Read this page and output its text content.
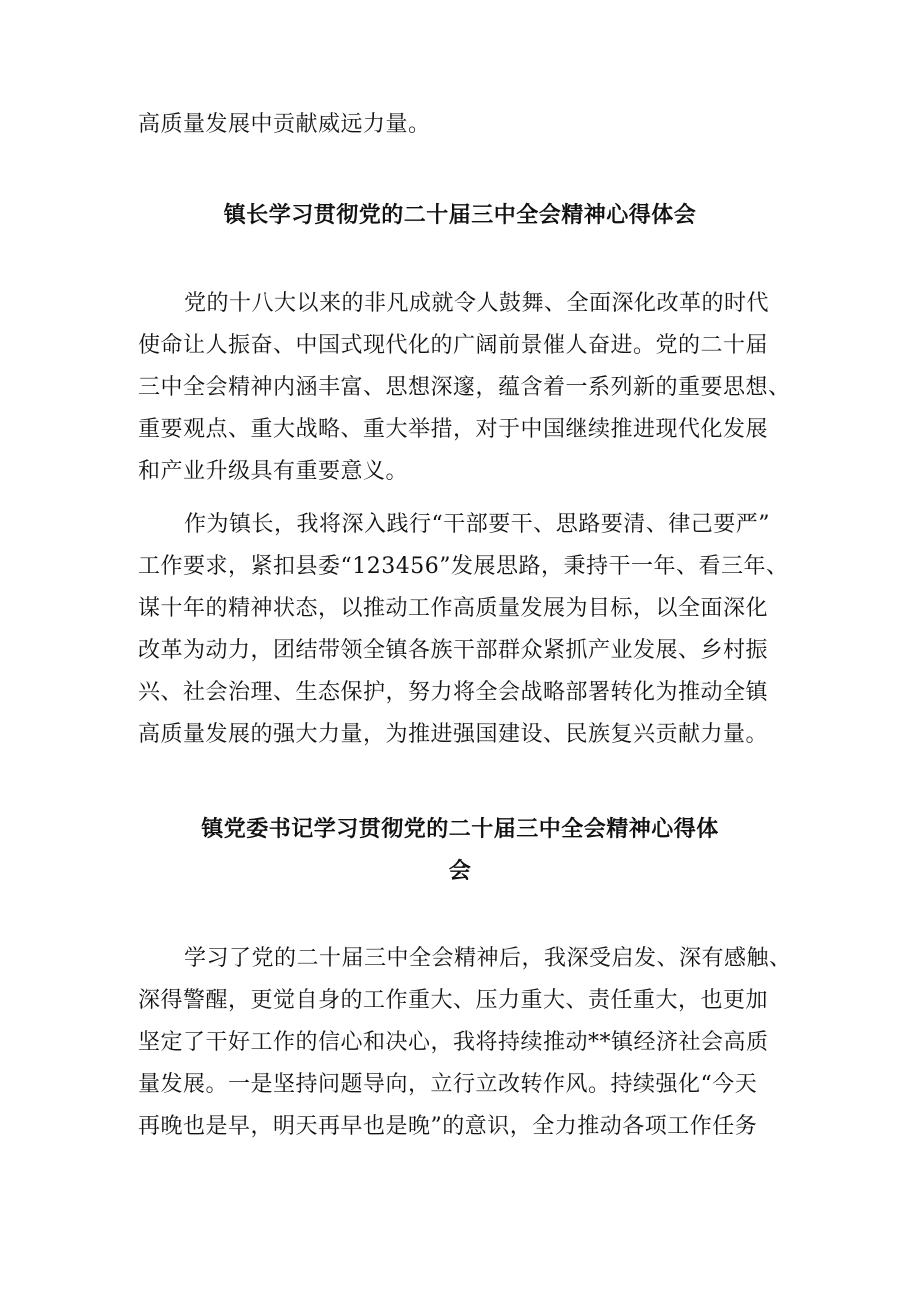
高质量发展中贡献威远力量。
镇长学习贯彻党的二十届三中全会精神心得体会
党的十八大以来的非凡成就令人鼓舞、全面深化改革的时代
使命让人振奋、中国式现代化的广阔前景催人奋进。党的二十届
三中全会精神内涵丰富、思想深邃，蕴含着一系列新的重要思想、
重要观点、重大战略、重大举措，对于中国继续推进现代化发展
和产业升级具有重要意义。
作为镇长，我将深入践行“干部要干、思路要清、律己要严”
工作要求，紧扣县委“123456”发展思路，秉持干一年、看三年、
谋十年的精神状态，以推动工作高质量发展为目标，以全面深化
改革为动力，团结带领全镇各族干部群众紧抓产业发展、乡村振
兴、社会治理、生态保护，努力将全会战略部署转化为推动全镇
高质量发展的强大力量，为推进强国建设、民族复兴贡献力量。
镇党委书记学习贯彻党的二十届三中全会精神心得体
会
学习了党的二十届三中全会精神后，我深受启发、深有感触、
深得警醒，更觉自身的工作重大、压力重大、责任重大，也更加
坚定了干好工作的信心和决心，我将持续推动**镇经济社会高质
量发展。一是坚持问题导向，立行立改转作风。持续强化“今天
再晚也是早，明天再早也是晚”的意识，全力推动各项工作任务
